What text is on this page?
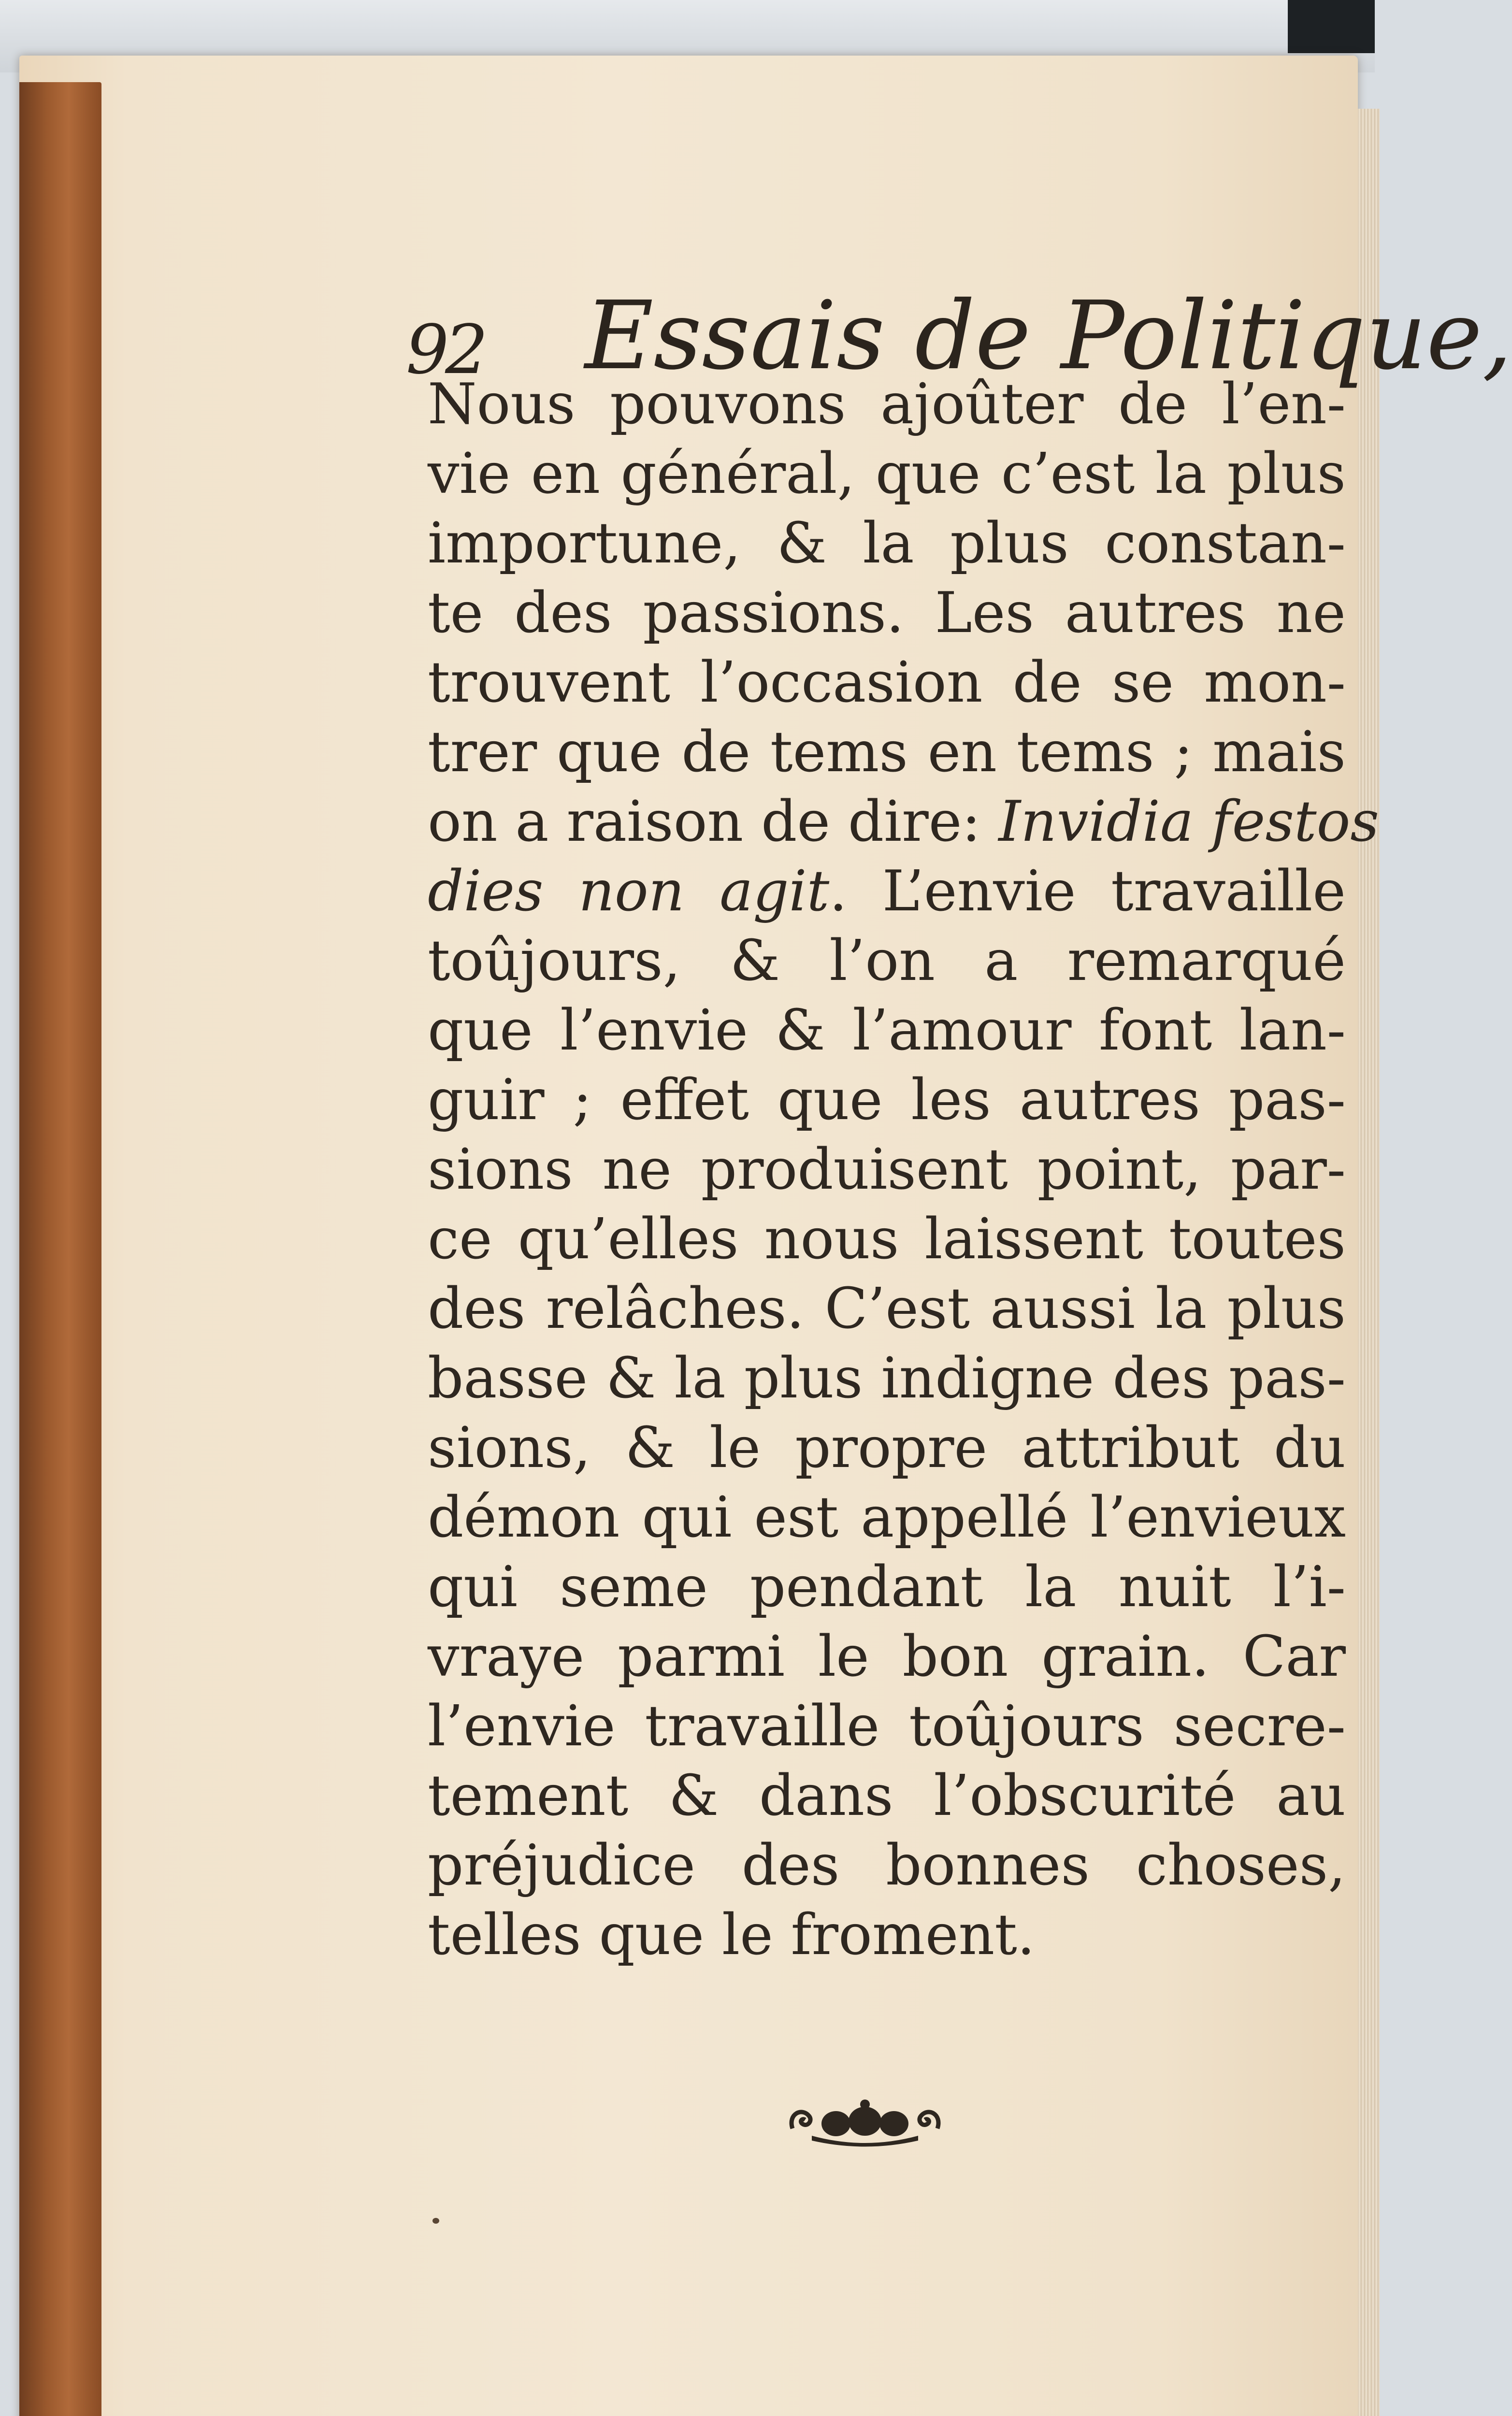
92 Essais de Politique,
Nous pouvons ajoûter de l’en-
vie en général, que c’est la plus
importune, & la plus constan-
te des passions. Les autres ne
trouvent l’occasion de se mon-
trer que de tems en tems ; mais
on a raison de dire: Invidia festos
dies non agit. L’envie travaille
toûjours, & l’on a remarqué
que l’envie & l’amour font lan-
guir ; effet que les autres pas-
sions ne produisent point, par-
ce qu’elles nous laissent toutes
des relâches. C’est aussi la plus
basse & la plus indigne des pas-
sions, & le propre attribut du
démon qui est appellé l’envieux
qui seme pendant la nuit l’i-
vraye parmi le bon grain. Car
l’envie travaille toûjours secre-
tement & dans l’obscurité au
préjudice des bonnes choses,
telles que le froment.
